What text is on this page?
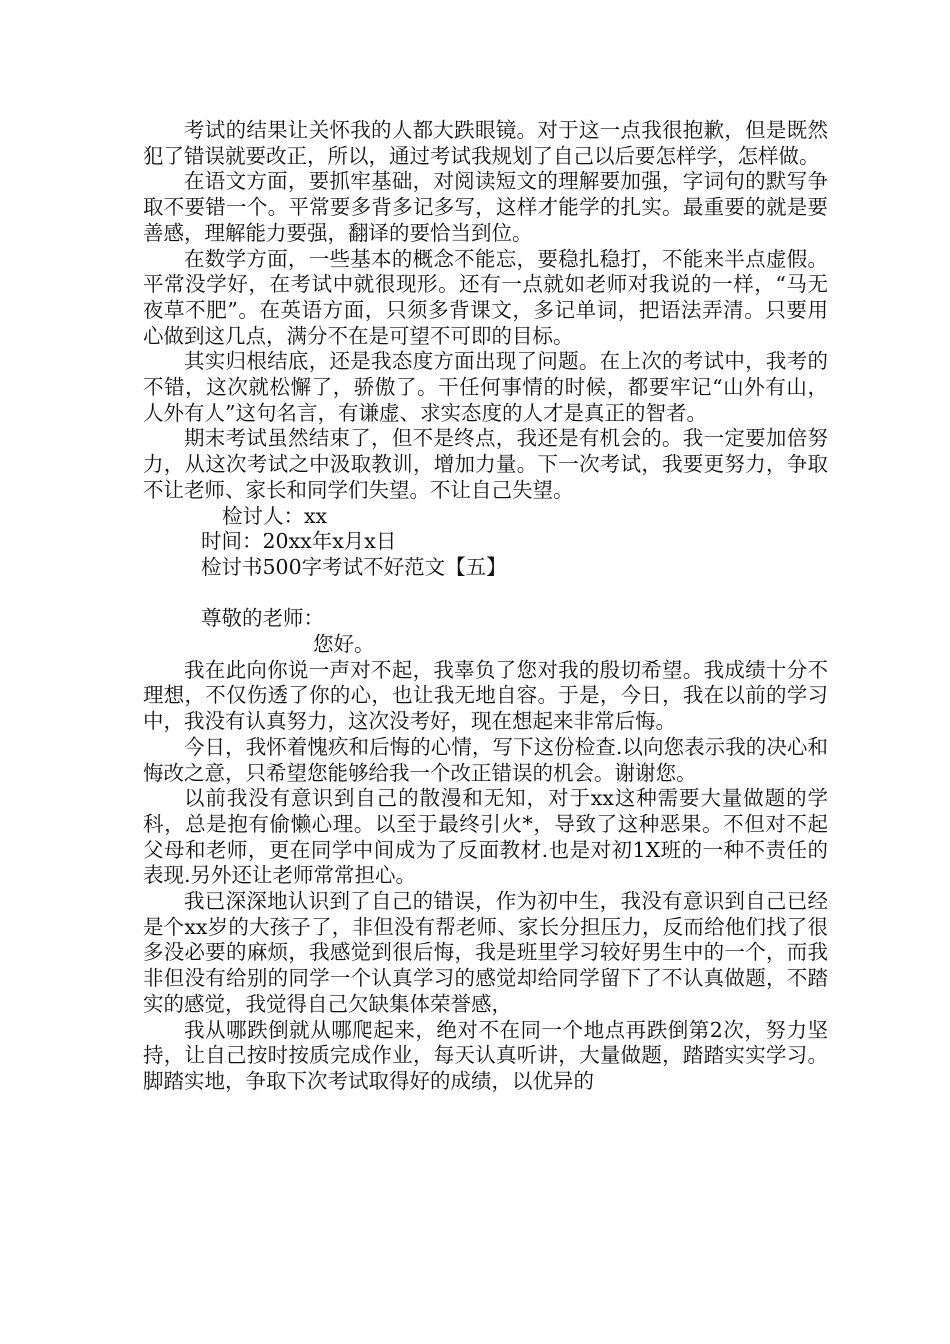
考试的结果让关怀我的人都大跌眼镜。对于这一点我很抱歉，但是既然犯了错误就要改正，所以，通过考试我规划了自己以后要怎样学，怎样做。

在语文方面，要抓牢基础，对阅读短文的理解要加强，字词句的默写争取不要错一个。平常要多背多记多写，这样才能学的扎实。最重要的就是要善感，理解能力要强，翻译的要恰当到位。

在数学方面，一些基本的概念不能忘，要稳扎稳打，不能来半点虚假。平常没学好，在考试中就很现形。还有一点就如老师对我说的一样，“马无夜草不肥”。在英语方面，只须多背课文，多记单词，把语法弄清。只要用心做到这几点，满分不在是可望不可即的目标。

其实归根结底，还是我态度方面出现了问题。在上次的考试中，我考的不错，这次就松懈了，骄傲了。干任何事情的时候，都要牢记“山外有山，人外有人”这句名言，有谦虚、求实态度的人才是真正的智者。

期末考试虽然结束了，但不是终点，我还是有机会的。我一定要加倍努力，从这次考试之中汲取教训，增加力量。下一次考试，我要更努力，争取不让老师、家长和同学们失望。不让自己失望。

检讨人：xx

时间：20xx年x月x日

检讨书500字考试不好范文【五】

尊敬的老师：

您好。

我在此向你说一声对不起，我辜负了您对我的殷切希望。我成绩十分不理想，不仅伤透了你的心，也让我无地自容。于是，今日，我在以前的学习中，我没有认真努力，这次没考好，现在想起来非常后悔。

今日，我怀着愧疚和后悔的心情，写下这份检查.以向您表示我的决心和悔改之意，只希望您能够给我一个改正错误的机会。谢谢您。

以前我没有意识到自己的散漫和无知，对于xx这种需要大量做题的学科，总是抱有偷懒心理。以至于最终引火*，导致了这种恶果。不但对不起父母和老师，更在同学中间成为了反面教材.也是对初1X班的一种不责任的表现.另外还让老师常常担心。

我已深深地认识到了自己的错误，作为初中生，我没有意识到自己已经是个xx岁的大孩子了，非但没有帮老师、家长分担压力，反而给他们找了很多没必要的麻烦，我感觉到很后悔，我是班里学习较好男生中的一个，而我非但没有给别的同学一个认真学习的感觉却给同学留下了不认真做题，不踏实的感觉，我觉得自己欠缺集体荣誉感，

我从哪跌倒就从哪爬起来，绝对不在同一个地点再跌倒第2次，努力坚持，让自己按时按质完成作业，每天认真听讲，大量做题，踏踏实实学习。脚踏实地，争取下次考试取得好的成绩，以优异的
